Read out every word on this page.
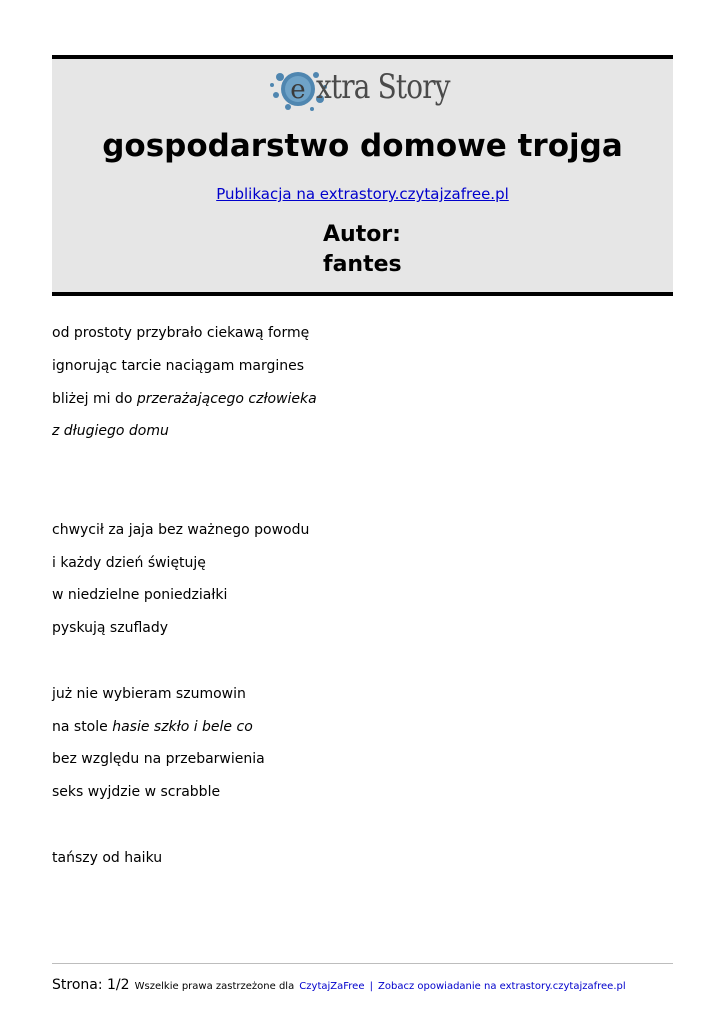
e xtra Story
gospodarstwo domowe trojga
Publikacja na extrastory.czytajzafree.pl
Autor:
fantes
od prostoty przybrało ciekawą formę
ignorując tarcie naciągam margines
bliżej mi do przerażającego człowieka
z długiego domu
chwycił za jaja bez ważnego powodu
i każdy dzień świętuję
w niedzielne poniedziałki
pyskują szuflady
już nie wybieram szumowin
na stole hasie szkło i bele co
bez względu na przebarwienia
seks wyjdzie w scrabble
tańszy od haiku
Strona: 1/2 Wszelkie prawa zastrzeżone dla CzytajZaFree | Zobacz opowiadanie na extrastory.czytajzafree.pl
